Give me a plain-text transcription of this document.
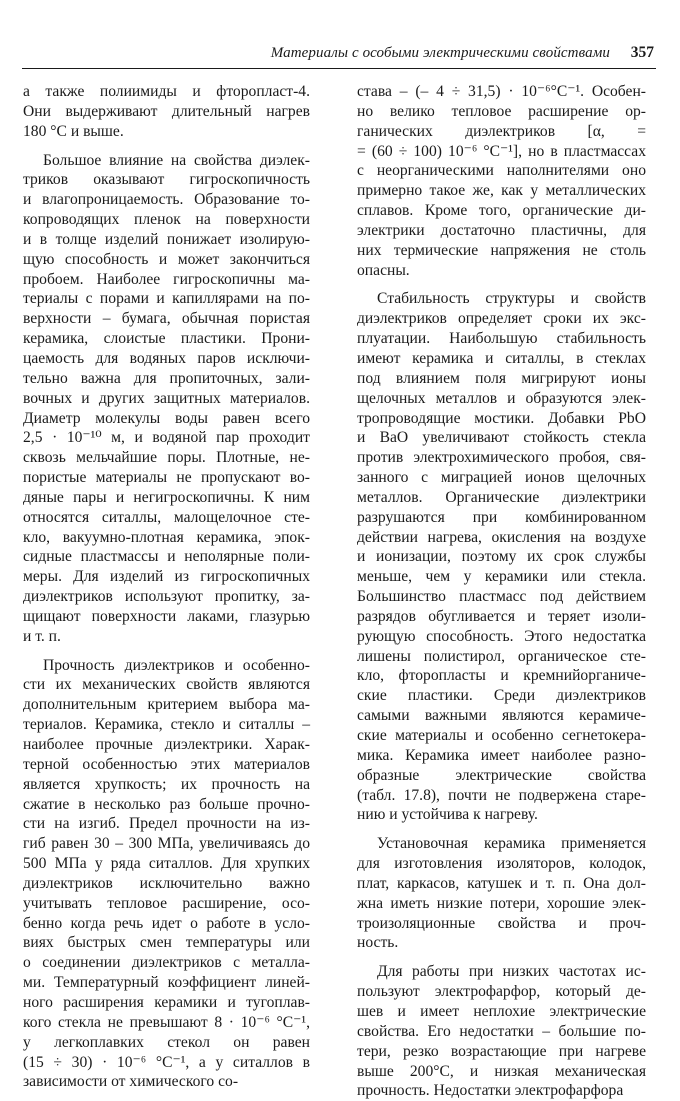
Материалы с особыми электрическими свойствами 357
а также полиимиды и фторопласт-4.
Они выдерживают длительный нагрев
180 °С и выше.
Большое влияние на свойства диэлек-
триков оказывают гигроскопичность
и влагопроницаемость. Образование то-
копроводящих пленок на поверхности
и в толще изделий понижает изолирую-
щую способность и может закончиться
пробоем. Наиболее гигроскопичны ма-
териалы с порами и капиллярами на по-
верхности – бумага, обычная пористая
керамика, слоистые пластики. Прони-
цаемость для водяных паров исключи-
тельно важна для пропиточных, зали-
вочных и других защитных материалов.
Диаметр молекулы воды равен всего
2,5 · 10⁻¹⁰ м, и водяной пар проходит
сквозь мельчайшие поры. Плотные, не-
пористые материалы не пропускают во-
дяные пары и негигроскопичны. К ним
относятся ситаллы, малощелочное сте-
кло, вакуумно-плотная керамика, эпок-
сидные пластмассы и неполярные поли-
меры. Для изделий из гигроскопичных
диэлектриков используют пропитку, за-
щищают поверхности лаками, глазурью
и т. п.
Прочность диэлектриков и особенно-
сти их механических свойств являются
дополнительным критерием выбора ма-
териалов. Керамика, стекло и ситаллы –
наиболее прочные диэлектрики. Харак-
терной особенностью этих материалов
является хрупкость; их прочность на
сжатие в несколько раз больше прочно-
сти на изгиб. Предел прочности на из-
гиб равен 30 – 300 МПа, увеличиваясь до
500 МПа у ряда ситаллов. Для хрупких
диэлектриков исключительно важно
учитывать тепловое расширение, осо-
бенно когда речь идет о работе в усло-
виях быстрых смен температуры или
о соединении диэлектриков с металла-
ми. Температурный коэффициент линей-
ного расширения керамики и тугоплав-
кого стекла не превышают 8 · 10⁻⁶ °С⁻¹,
у легкоплавких стекол он равен
(15 ÷ 30) · 10⁻⁶ °С⁻¹, а у ситаллов в
зависимости от химического со-
става – (– 4 ÷ 31,5) · 10⁻⁶°С⁻¹. Особен-
но велико тепловое расширение ор-
ганических диэлектриков [α, =
= (60 ÷ 100) 10⁻⁶ °С⁻¹], но в пластмассах
с неорганическими наполнителями оно
примерно такое же, как у металлических
сплавов. Кроме того, органические ди-
электрики достаточно пластичны, для
них термические напряжения не столь
опасны.
Стабильность структуры и свойств
диэлектриков определяет сроки их экс-
плуатации. Наибольшую стабильность
имеют керамика и ситаллы, в стеклах
под влиянием поля мигрируют ионы
щелочных металлов и образуются элек-
тропроводящие мостики. Добавки PbO
и BaO увеличивают стойкость стекла
против электрохимического пробоя, свя-
занного с миграцией ионов щелочных
металлов. Органические диэлектрики
разрушаются при комбинированном
действии нагрева, окисления на воздухе
и ионизации, поэтому их срок службы
меньше, чем у керамики или стекла.
Большинство пластмасс под действием
разрядов обугливается и теряет изоли-
рующую способность. Этого недостатка
лишены полистирол, органическое сте-
кло, фторопласты и кремнийорганиче-
ские пластики. Среди диэлектриков
самыми важными являются керамиче-
ские материалы и особенно сегнетокера-
мика. Керамика имеет наиболее разно-
образные электрические свойства
(табл. 17.8), почти не подвержена старе-
нию и устойчива к нагреву.
Установочная керамика применяется
для изготовления изоляторов, колодок,
плат, каркасов, катушек и т. п. Она дол-
жна иметь низкие потери, хорошие элек-
троизоляционные свойства и проч-
ность.
Для работы при низких частотах ис-
пользуют электрофарфор, который де-
шев и имеет неплохие электрические
свойства. Его недостатки – большие по-
тери, резко возрастающие при нагреве
выше 200°С, и низкая механическая
прочность. Недостатки электрофарфора
